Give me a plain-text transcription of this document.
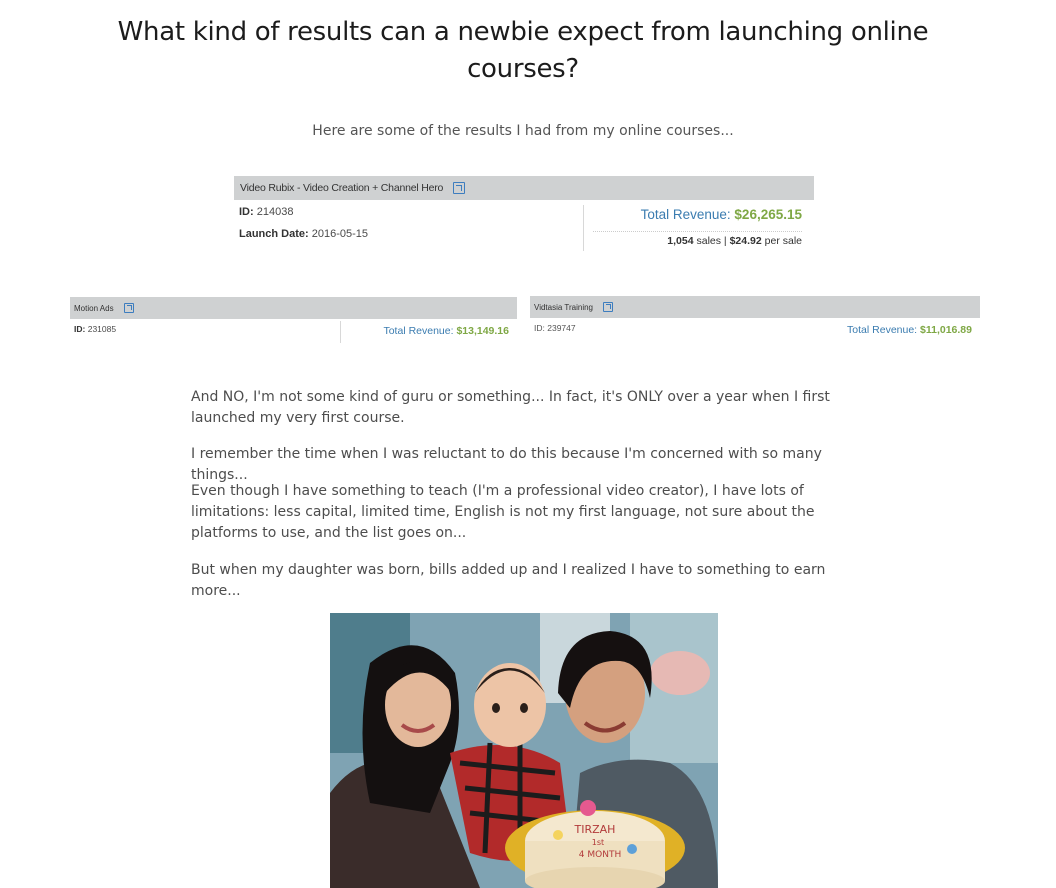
What kind of results can a newbie expect from launching online courses?
Here are some of the results I had from my online courses...
Video Rubix - Video Creation + Channel Hero
ID: 214038
Launch Date: 2016-05-15
Total Revenue: $26,265.15
1,054 sales | $24.92 per sale
Motion Ads
ID: 231085	Total Revenue: $13,149.16
Vidtasia Training
ID: 239747	Total Revenue: $11,016.89

And NO, I'm not some kind of guru or something... In fact, it's ONLY over a year when I first launched my very first course.

I remember the time when I was reluctant to do this because I'm concerned with so many things...

Even though I have something to teach (I'm a professional video creator), I have lots of limitations: less capital, limited time, English is not my first language, not sure about the platforms to use, and the list goes on...

But when my daughter was born, bills added up and I realized I have to something to earn more...

TIRZAH
1st
4 MONTH
